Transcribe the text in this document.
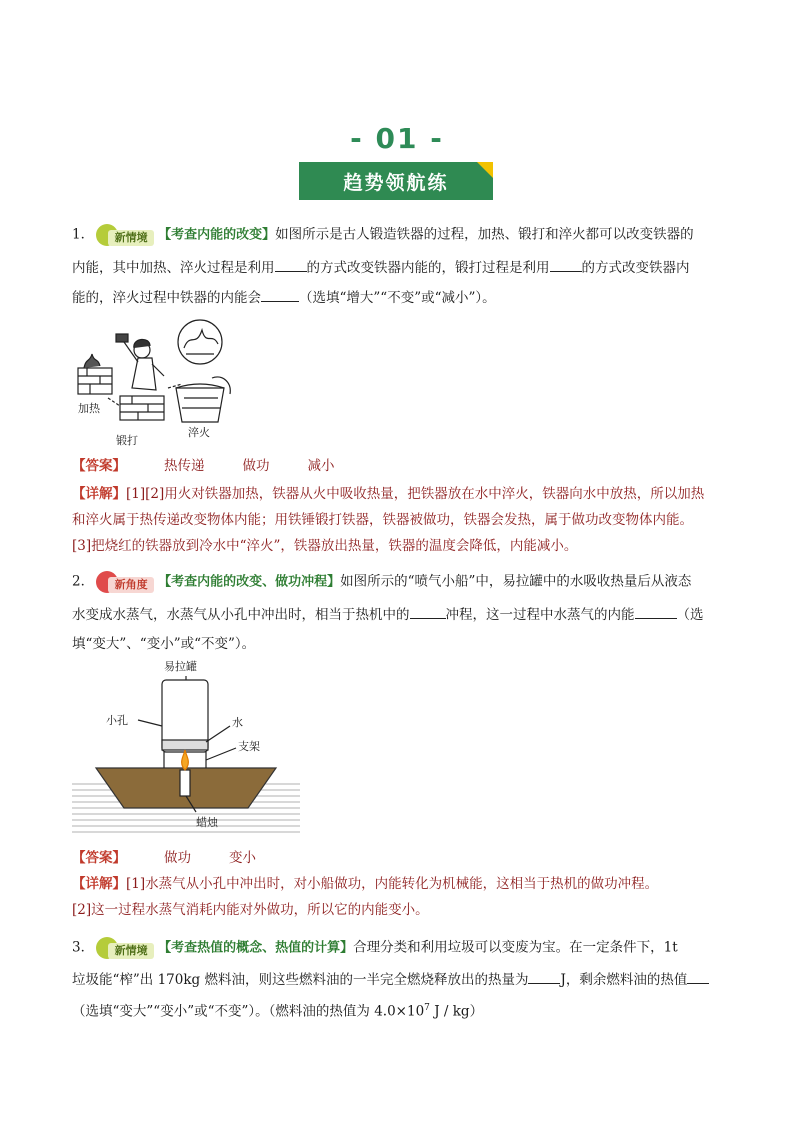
- 01 -
趋势领航练
1．	新情境 【考查内能的改变】如图所示是古人锻造铁器的过程，加热、锻打和淬火都可以改变铁器的
内能，其中加热、淬火过程是利用 的方式改变铁器内能的，锻打过程是利用 的方式改变铁器内
能的，淬火过程中铁器的内能会	（选填“增大”“不变”或“减小”）。
加热
锻打
淬火
【答案】	热传递	做功	减小
【详解】[1][2]用火对铁器加热，铁器从火中吸收热量，把铁器放在水中淬火，铁器向水中放热，所以加热
和淬火属于热传递改变物体内能；用铁锤锻打铁器，铁器被做功，铁器会发热，属于做功改变物体内能。
[3]把烧红的铁器放到冷水中“淬火”，铁器放出热量，铁器的温度会降低，内能减小。
2．	新角度 【考查内能的改变、做功冲程】如图所示的“喷气小船”中，易拉罐中的水吸收热量后从液态
水变成水蒸气，水蒸气从小孔中冲出时，相当于热机中的	冲程，这一过程中水蒸气的内能	（选
填“变大”、“变小”或“不变”）。
易拉罐
小孔	水
支架
蜡烛
【答案】	做功	变小
【详解】[1]水蒸气从小孔中冲出时，对小船做功，内能转化为机械能，这相当于热机的做功冲程。
[2]这一过程水蒸气消耗内能对外做功，所以它的内能变小。
3．	新情境 【考查热值的概念、热值的计算】合理分类和利用垃圾可以变废为宝。在一定条件下，1t
垃圾能“榨”出 170kg 燃料油，则这些燃料油的一半完全燃烧释放出的热量为 J，剩余燃料油的热值
（选填“变大”“变小”或“不变”）。（燃料油的热值为 $4.0\times 10^7$ J / kg）
